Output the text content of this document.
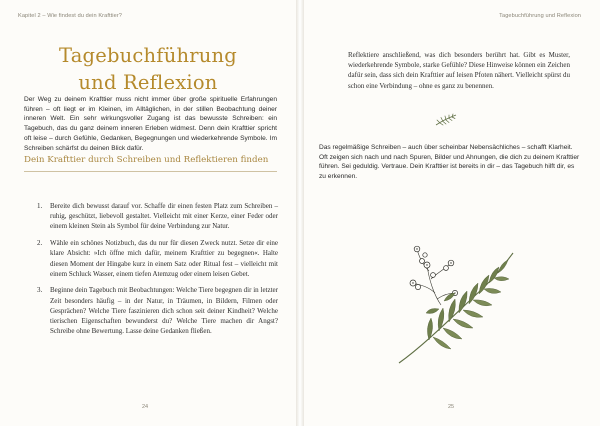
Kapitel 2 – Wie findest du dein Krafttier?
Tagebuchführung
und Reflexion
Der Weg zu deinem Krafttier muss nicht immer über große spirituelle Erfahrungen führen – oft liegt er im Kleinen, im Alltäglichen, in der stillen Beobachtung deiner inneren Welt. Ein sehr wirkungsvoller Zugang ist das bewusste Schreiben: ein Tagebuch, das du ganz deinem inneren Erleben widmest. Denn dein Krafttier spricht oft leise – durch Gefühle, Gedanken, Begegnungen und wiederkehrende Symbole. Im Schreiben schärfst du deinen Blick dafür.
Dein Krafttier durch Schreiben und Reflektieren finden
1. Bereite dich bewusst darauf vor. Schaffe dir einen festen Platz zum Schreiben – ruhig, geschützt, liebevoll gestaltet. Vielleicht mit einer Kerze, einer Feder oder einem kleinen Stein als Symbol für deine Verbindung zur Natur.
2. Wähle ein schönes Notizbuch, das du nur für diesen Zweck nutzt. Setze dir eine klare Absicht: »Ich öffne mich dafür, meinem Krafttier zu begegnen«. Halte diesen Moment der Hingabe kurz in einem Satz oder Ritual fest – vielleicht mit einem Schluck Wasser, einem tiefen Atemzug oder einem leisen Gebet.
3. Beginne dein Tagebuch mit Beobachtungen: Welche Tiere begegnen dir in letzter Zeit besonders häufig – in der Natur, in Träumen, in Bildern, Filmen oder Gesprächen? Welche Tiere faszinieren dich schon seit deiner Kindheit? Welche tierischen Eigenschaften bewunderst du? Welche Tiere machen dir Angst? Schreibe ohne Bewertung. Lasse deine Gedanken fließen.
24
Tagebuchführung und Reflexion
Reflektiere anschließend, was dich besonders berührt hat. Gibt es Muster, wiederkehrende Symbole, starke Gefühle? Diese Hinweise können ein Zeichen dafür sein, dass sich dein Krafttier auf leisen Pfoten nähert. Vielleicht spürst du schon eine Verbindung – ohne es ganz zu benennen.
Das regelmäßige Schreiben – auch über scheinbar Nebensächliches – schafft Klarheit. Oft zeigen sich nach und nach Spuren, Bilder und Ahnungen, die dich zu deinem Krafttier führen. Sei geduldig. Vertraue. Dein Krafttier ist bereits in dir – das Tagebuch hilft dir, es zu erkennen.
25
